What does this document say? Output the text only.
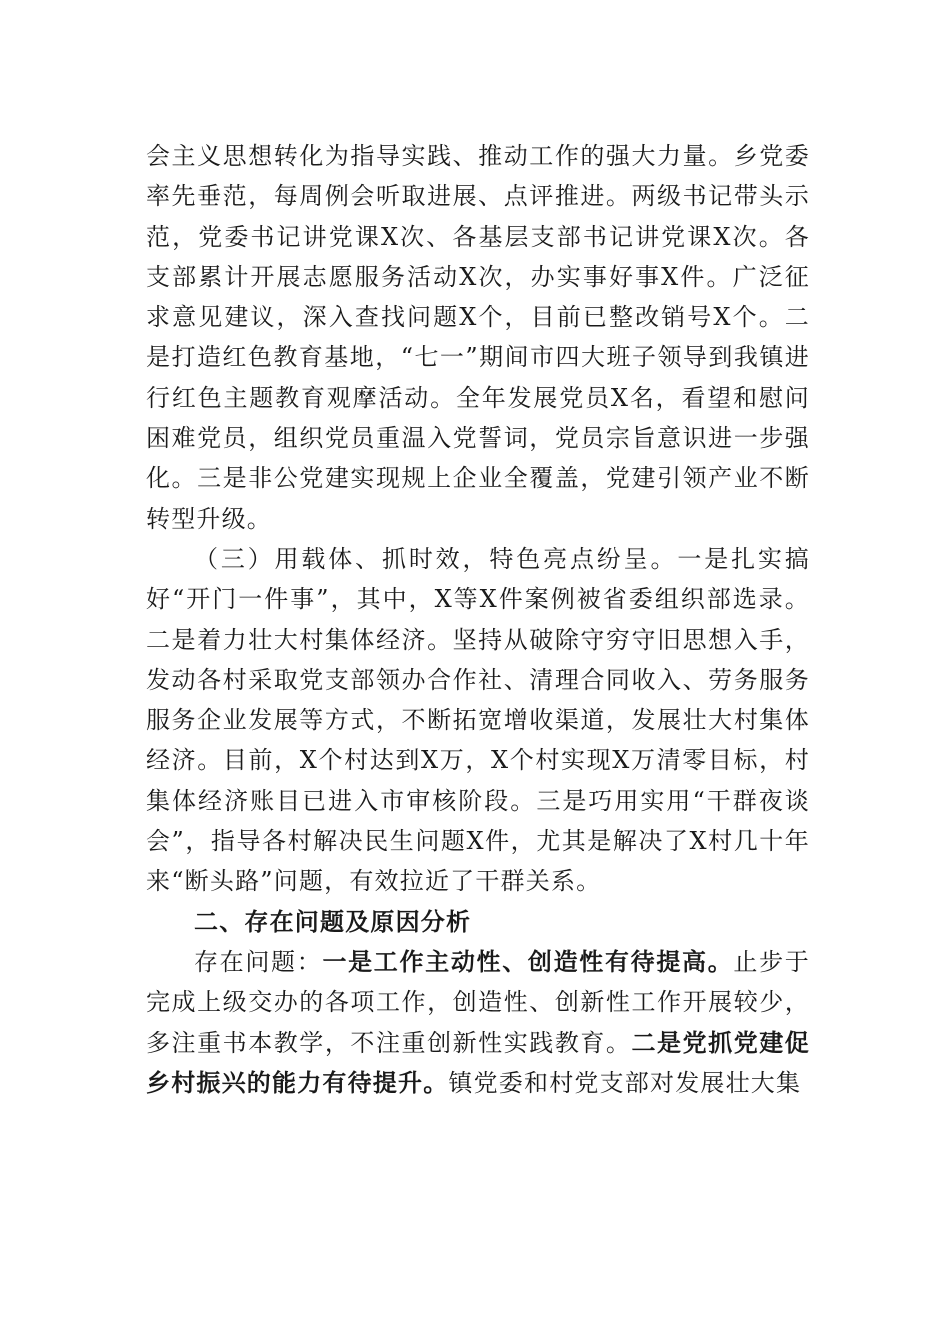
会主义思想转化为指导实践、推动工作的强大力量。乡党委率先垂范，每周例会听取进展、点评推进。两级书记带头示范，党委书记讲党课X次、各基层支部书记讲党课X次。各支部累计开展志愿服务活动X次，办实事好事X件。广泛征求意见建议，深入查找问题X个，目前已整改销号X个。二是打造红色教育基地，“七一”期间市四大班子领导到我镇进行红色主题教育观摩活动。全年发展党员X名，看望和慰问困难党员，组织党员重温入党誓词，党员宗旨意识进一步强化。三是非公党建实现规上企业全覆盖，党建引领产业不断转型升级。

（三）用载体、抓时效，特色亮点纷呈。一是扎实搞好“开门一件事”，其中，X等X件案例被省委组织部选录。二是着力壮大村集体经济。坚持从破除守穷守旧思想入手，发动各村采取党支部领办合作社、清理合同收入、劳务服务服务企业发展等方式，不断拓宽增收渠道，发展壮大村集体经济。目前，X个村达到X万，X个村实现X万清零目标，村集体经济账目已进入市审核阶段。三是巧用实用“干群夜谈会”，指导各村解决民生问题X件，尤其是解决了X村几十年来“断头路”问题，有效拉近了干群关系。

二、存在问题及原因分析

存在问题：一是工作主动性、创造性有待提高。止步于完成上级交办的各项工作，创造性、创新性工作开展较少，多注重书本教学，不注重创新性实践教育。二是党抓党建促乡村振兴的能力有待提升。镇党委和村党支部对发展壮大集
